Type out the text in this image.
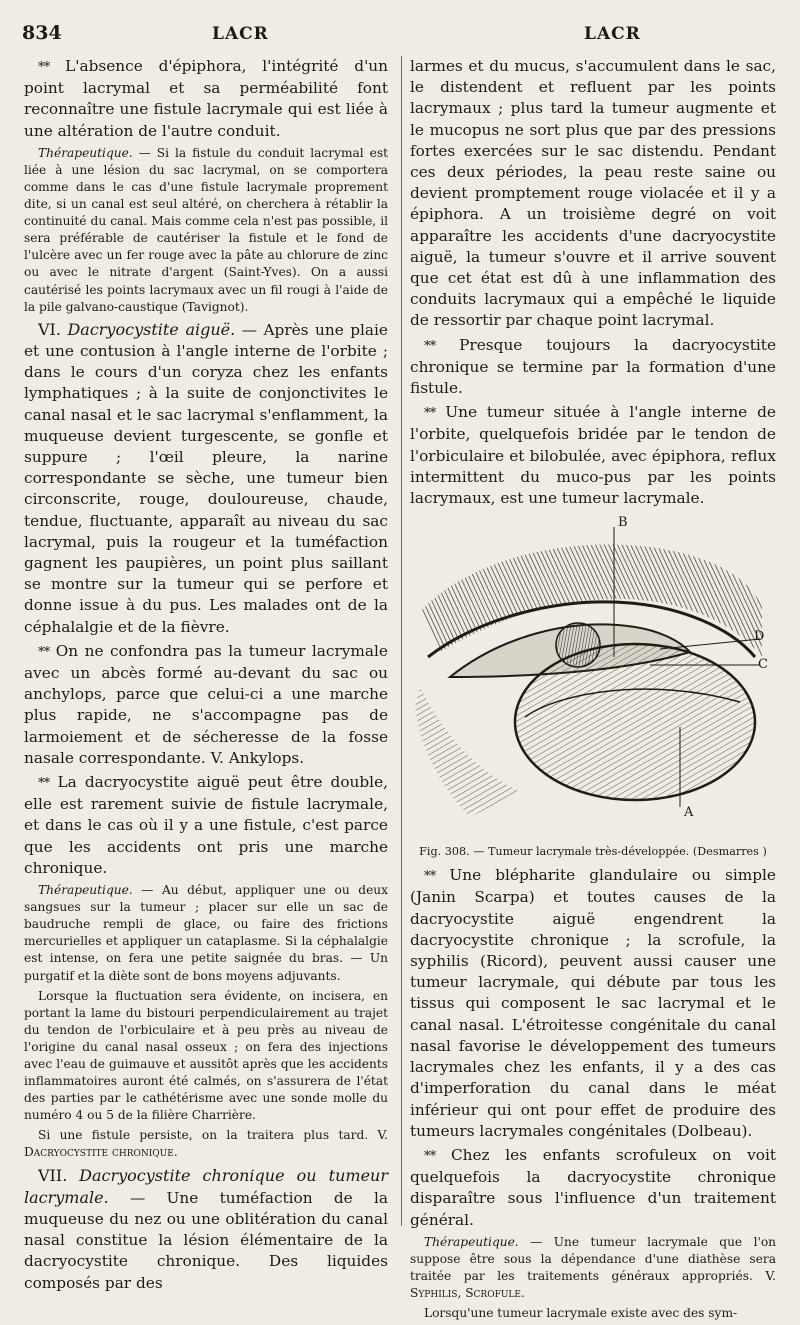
834	LACR	LACR

* * L'absence d'épiphora, l'intégrité d'un point lacrymal et sa perméabilité font reconnaître une fistule lacrymale qui est liée à une altération de l'autre conduit.

Thérapeutique. — Si la fistule du conduit lacrymal est liée à une lésion du sac lacrymal, on se comportera comme dans le cas d'une fistule lacrymale proprement dite, si un canal est seul altéré, on cherchera à rétablir la continuité du canal. Mais comme cela n'est pas possible, il sera préférable de cautériser la fistule et le fond de l'ulcère avec un fer rouge avec la pâte au chlorure de zinc ou avec le nitrate d'argent (Saint-Yves). On a aussi cautérisé les points lacrymaux avec un fil rougi à l'aide de la pile galvano-caustique (Tavignot).

VI. Dacryocystite aiguë. — Après une plaie et une contusion à l'angle interne de l'orbite ; dans le cours d'un coryza chez les enfants lymphatiques ; à la suite de conjonctivites le canal nasal et le sac lacrymal s'enflamment, la muqueuse devient turgescente, se gonfle et suppure ; l'œil pleure, la narine correspondante se sèche, une tumeur bien circonscrite, rouge, douloureuse, chaude, tendue, fluctuante, apparaît au niveau du sac lacrymal, puis la rougeur et la tuméfaction gagnent les paupières, un point plus saillant se montre sur la tumeur qui se perfore et donne issue à du pus. Les malades ont de la céphalalgie et de la fièvre.

* * On ne confondra pas la tumeur lacrymale avec un abcès formé au-devant du sac ou anchylops, parce que celui-ci a une marche plus rapide, ne s'accompagne pas de larmoiement et de sécheresse de la fosse nasale correspondante. V. Ankylops.

* * La dacryocystite aiguë peut être double, elle est rarement suivie de fistule lacrymale, et dans le cas où il y a une fistule, c'est parce que les accidents ont pris une marche chronique.

Thérapeutique. — Au début, appliquer une ou deux sangsues sur la tumeur ; placer sur elle un sac de baudruche rempli de glace, ou faire des frictions mercurielles et appliquer un cataplasme. Si la céphalalgie est intense, on fera une petite saignée du bras. — Un purgatif et la diète sont de bons moyens adjuvants.

Lorsque la fluctuation sera évidente, on incisera, en portant la lame du bistouri perpendiculairement au trajet du tendon de l'orbiculaire et à peu près au niveau de l'origine du canal nasal osseux ; on fera des injections avec l'eau de guimauve et aussitôt après que les accidents inflammatoires auront été calmés, on s'assurera de l'état des parties par le cathétérisme avec une sonde molle du numéro 4 ou 5 de la filière Charrière.

Si une fistule persiste, on la traitera plus tard. V. Dacryocystite chronique.

VII. Dacryocystite chronique ou tumeur lacrymale. — Une tuméfaction de la muqueuse du nez ou une oblitération du canal nasal constitue la lésion élémentaire de la dacryocystite chronique. Des liquides composés par des

larmes et du mucus, s'accumulent dans le sac, le distendent et refluent par les points lacrymaux ; plus tard la tumeur augmente et le mucopus ne sort plus que par des pressions fortes exercées sur le sac distendu. Pendant ces deux périodes, la peau reste saine ou devient promptement rouge violacée et il y a épiphora. A un troisième degré on voit apparaître les accidents d'une dacryocystite aiguë, la tumeur s'ouvre et il arrive souvent que cet état est dû à une inflammation des conduits lacrymaux qui a empêché le liquide de ressortir par chaque point lacrymal.

* * Presque toujours la dacryocystite chronique se termine par la formation d'une fistule.

* * Une tumeur située à l'angle interne de l'orbite, quelquefois bridée par le tendon de l'orbiculaire et bilobulée, avec épiphora, reflux intermittent du muco-pus par les points lacrymaux, est une tumeur lacrymale.

B
D
C
A
Fig. 308. — Tumeur lacrymale très-développée. (Desmarres )

* * Une blépharite glandulaire ou simple (Janin Scarpa) et toutes causes de la dacryocystite aiguë engendrent la dacryocystite chronique ; la scrofule, la syphilis (Ricord), peuvent aussi causer une tumeur lacrymale, qui débute par tous les tissus qui composent le sac lacrymal et le canal nasal. L'étroitesse congénitale du canal nasal favorise le développement des tumeurs lacrymales chez les enfants, il y a des cas d'imperforation du canal dans le méat inférieur qui ont pour effet de produire des tumeurs lacrymales congénitales (Dolbeau).

* * Chez les enfants scrofuleux on voit quelquefois la dacryocystite chronique disparaître sous l'influence d'un traitement général.

Thérapeutique. — Une tumeur lacrymale que l'on suppose être sous la dépendance d'une diathèse sera traitée par les traitements généraux appropriés. V. Syphilis, Scrofule.

Lorsqu'une tumeur lacrymale existe avec des sym-
